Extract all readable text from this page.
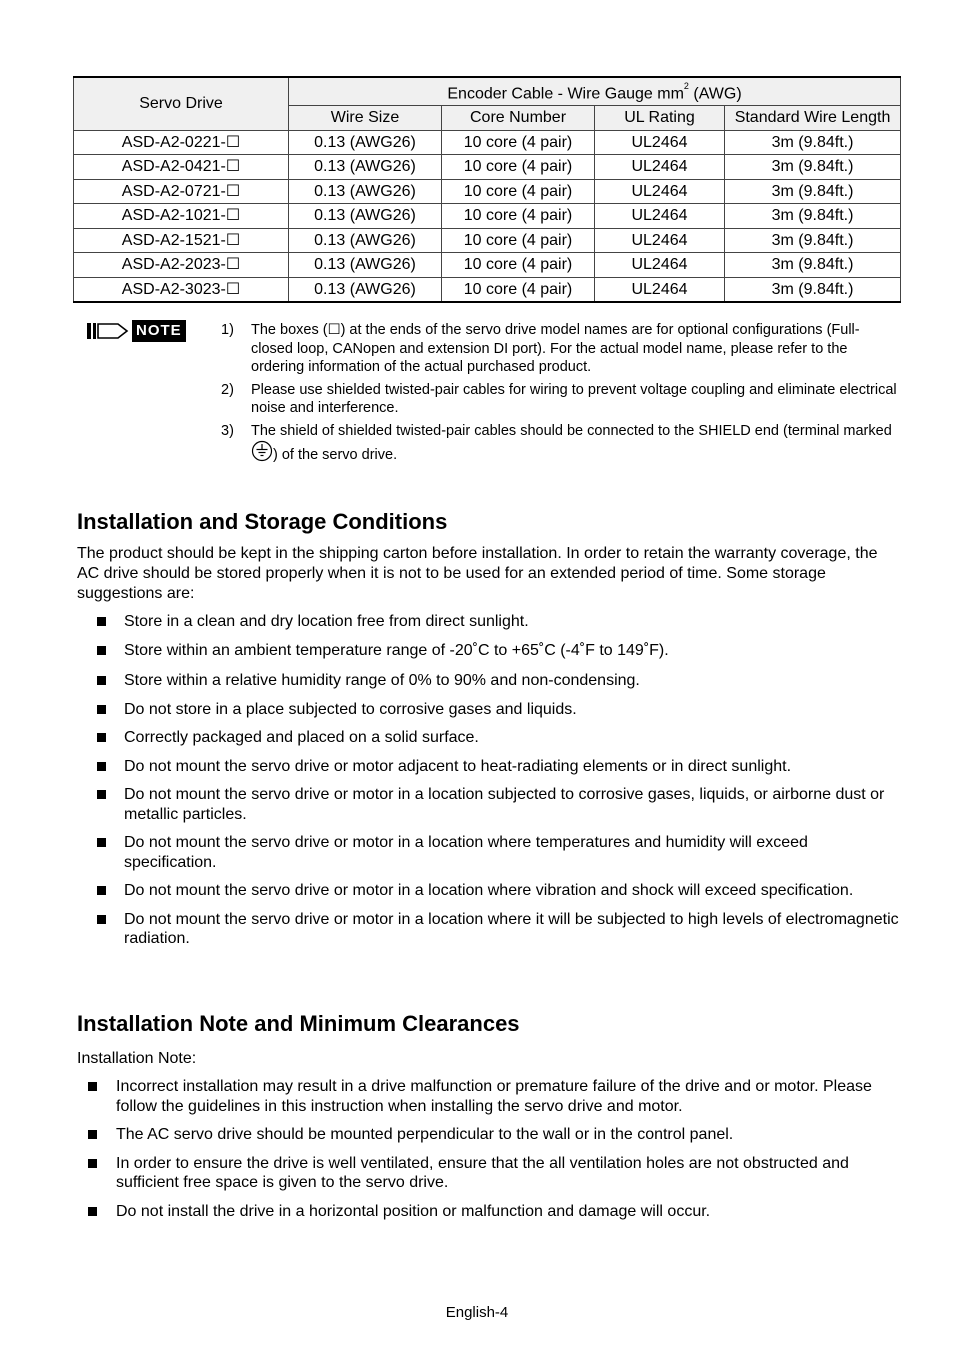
Servo Drive	Encoder Cable - Wire Gauge $mm^2$ (AWG)			
	Wire Size	Core Number	UL Rating	Standard Wire Length
ASD-A2-0221-☐	0.13 (AWG26)	10 core (4 pair)	UL2464	3m (9.84ft.)
ASD-A2-0421-☐	0.13 (AWG26)	10 core (4 pair)	UL2464	3m (9.84ft.)
ASD-A2-0721-☐	0.13 (AWG26)	10 core (4 pair)	UL2464	3m (9.84ft.)
ASD-A2-1021-☐	0.13 (AWG26)	10 core (4 pair)	UL2464	3m (9.84ft.)
ASD-A2-1521-☐	0.13 (AWG26)	10 core (4 pair)	UL2464	3m (9.84ft.)
ASD-A2-2023-☐	0.13 (AWG26)	10 core (4 pair)	UL2464	3m (9.84ft.)
ASD-A2-3023-☐	0.13 (AWG26)	10 core (4 pair)	UL2464	3m (9.84ft.)
NOTE	1)	The boxes (☐) at the ends of the servo drive model names are for optional configurations (Full-closed loop, CANopen and extension DI port). For the actual model name, please refer to the ordering information of the actual purchased product.
2)	Please use shielded twisted-pair cables for wiring to prevent voltage coupling and eliminate electrical noise and interference.
3)	The shield of shielded twisted-pair cables should be connected to the SHIELD end (terminal marked) of the servo drive.
Installation and Storage Conditions

The product should be kept in the shipping carton before installation. In order to retain the warranty coverage, the AC drive should be stored properly when it is not to be used for an extended period of time. Some storage suggestions are:

Store in a clean and dry location free from direct sunlight.
Store within an ambient temperature range of -20˚C to +65˚C (-4˚F to 149˚F).
Store within a relative humidity range of 0% to 90% and non-condensing.
Do not store in a place subjected to corrosive gases and liquids.
Correctly packaged and placed on a solid surface.
Do not mount the servo drive or motor adjacent to heat-radiating elements or in direct sunlight.
Do not mount the servo drive or motor in a location subjected to corrosive gases, liquids, or airborne dust or metallic particles.
Do not mount the servo drive or motor in a location where temperatures and humidity will exceed specification.
Do not mount the servo drive or motor in a location where vibration and shock will exceed specification.
Do not mount the servo drive or motor in a location where it will be subjected to high levels of electromagnetic radiation.
Installation Note and Minimum Clearances

Installation Note:

Incorrect installation may result in a drive malfunction or premature failure of the drive and or motor. Please follow the guidelines in this instruction when installing the servo drive and motor.
The AC servo drive should be mounted perpendicular to the wall or in the control panel.
In order to ensure the drive is well ventilated, ensure that the all ventilation holes are not obstructed and sufficient free space is given to the servo drive.
Do not install the drive in a horizontal position or malfunction and damage will occur.
English-4
